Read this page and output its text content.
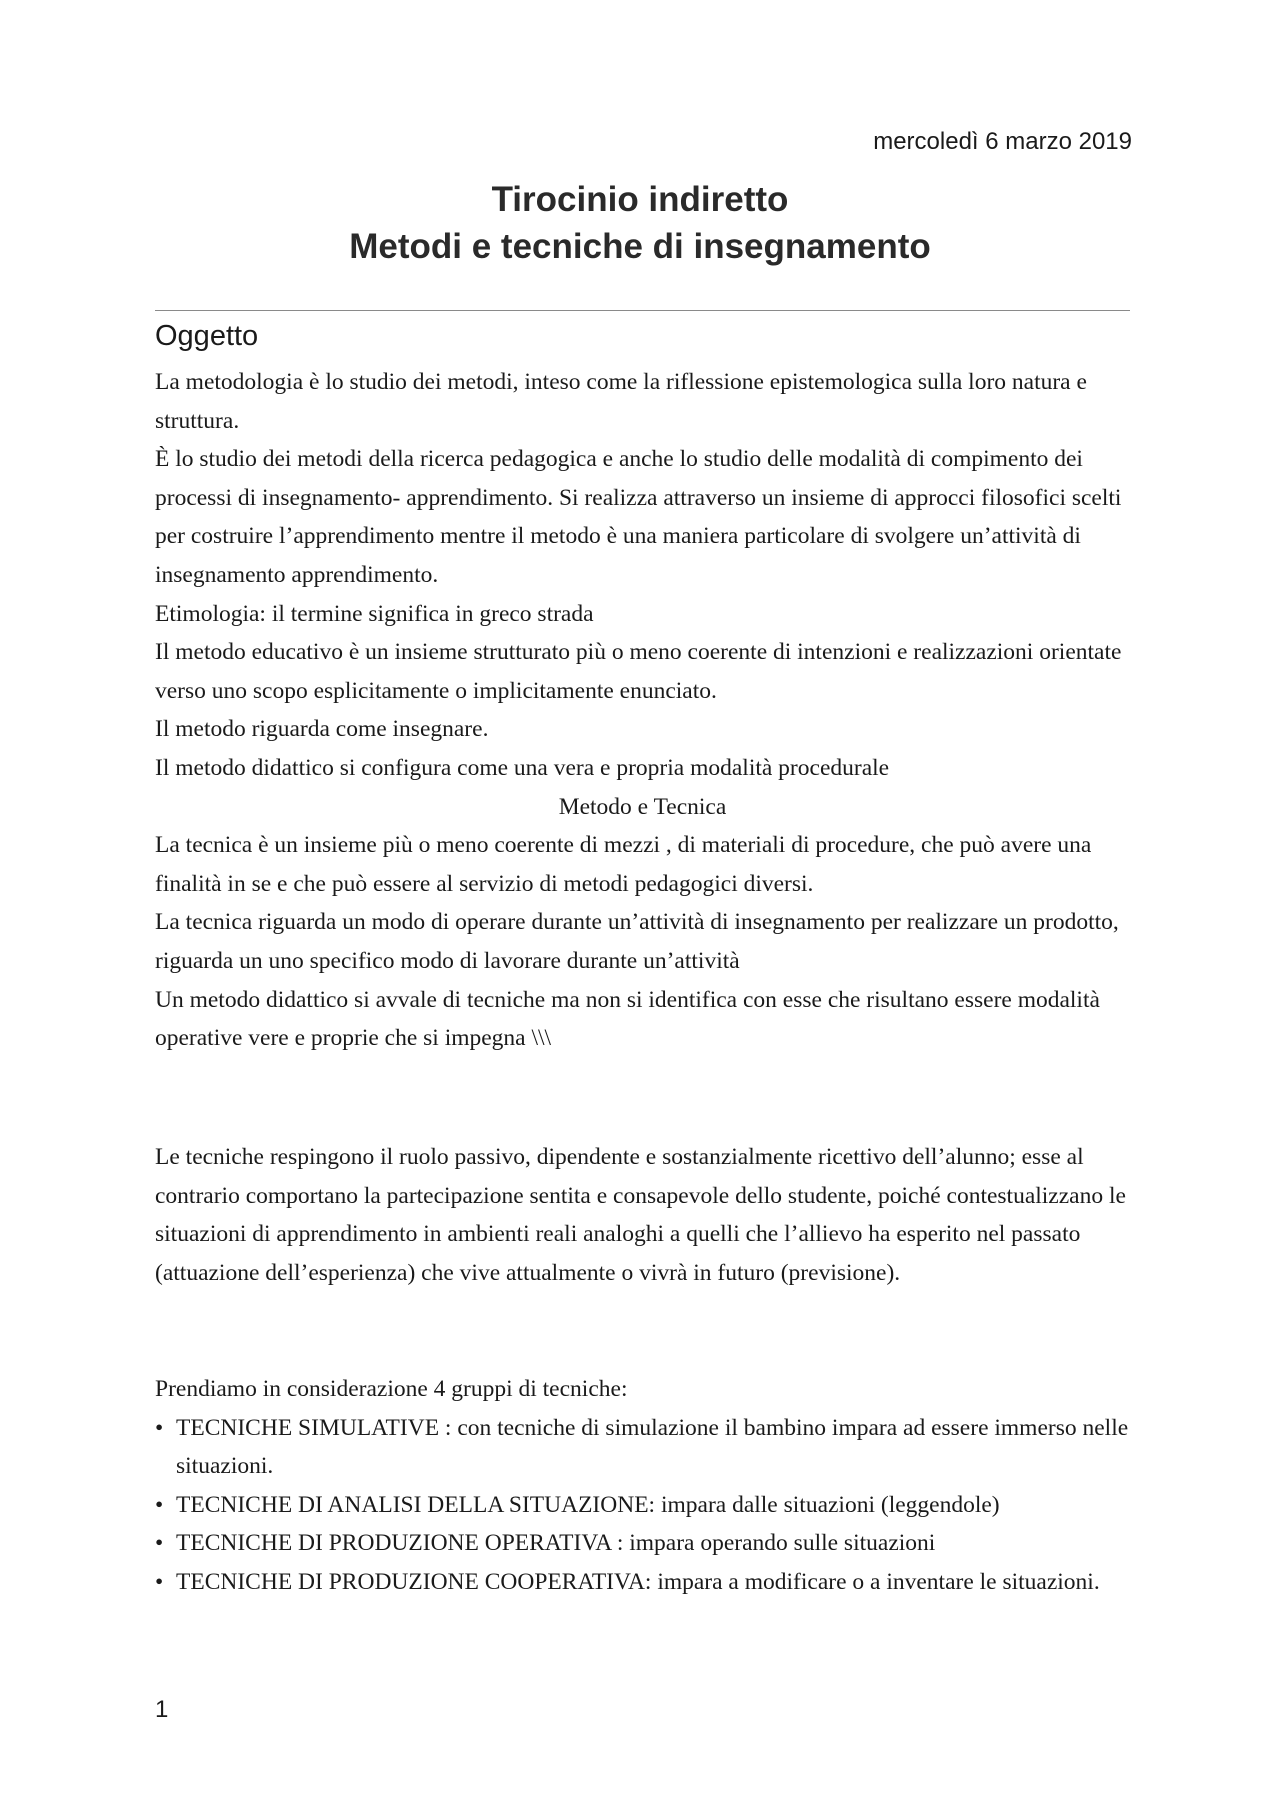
mercoledì 6 marzo 2019
Tirocinio indiretto
Metodi e tecniche di insegnamento
Oggetto

La metodologia è lo studio dei metodi, inteso come la riflessione epistemologica sulla loro natura e struttura.

È lo studio dei metodi della ricerca pedagogica e anche lo studio delle modalità di compimento dei processi di insegnamento- apprendimento. Si realizza attraverso un insieme di approcci filosofici scelti per costruire l’apprendimento mentre il metodo è una maniera particolare di svolgere un’attività di insegnamento apprendimento.

Etimologia: il termine significa in greco strada

Il metodo educativo è un insieme strutturato più o meno coerente di intenzioni e realizzazioni orientate verso uno scopo esplicitamente o implicitamente enunciato.

Il metodo riguarda come insegnare.

Il metodo didattico si configura come una vera e propria modalità procedurale

Metodo e Tecnica

La tecnica è un insieme più o meno coerente di mezzi , di materiali di procedure, che può avere una finalità in se e che può essere al servizio di metodi pedagogici diversi.

La tecnica riguarda un modo di operare durante un’attività di insegnamento per realizzare un prodotto, riguarda un uno specifico modo di lavorare durante un’attività

Un metodo didattico si avvale di tecniche ma non si identifica con esse che risultano essere modalità operative vere e proprie che si impegna \\\

Le tecniche respingono il ruolo passivo, dipendente e sostanzialmente ricettivo dell’alunno; esse al contrario comportano la partecipazione sentita e consapevole dello studente, poiché contestualizzano le situazioni di apprendimento in ambienti reali analoghi a quelli che l’allievo ha esperito nel passato (attuazione dell’esperienza) che vive attualmente o vivrà in futuro (previsione).

Prendiamo in considerazione 4 gruppi di tecniche:

• TECNICHE SIMULATIVE : con tecniche di simulazione il bambino impara ad essere immerso nelle situazioni.
• TECNICHE DI ANALISI DELLA SITUAZIONE: impara dalle situazioni (leggendole)
• TECNICHE DI PRODUZIONE OPERATIVA : impara operando sulle situazioni
• TECNICHE DI PRODUZIONE COOPERATIVA: impara a modificare o a inventare le situazioni.
1
